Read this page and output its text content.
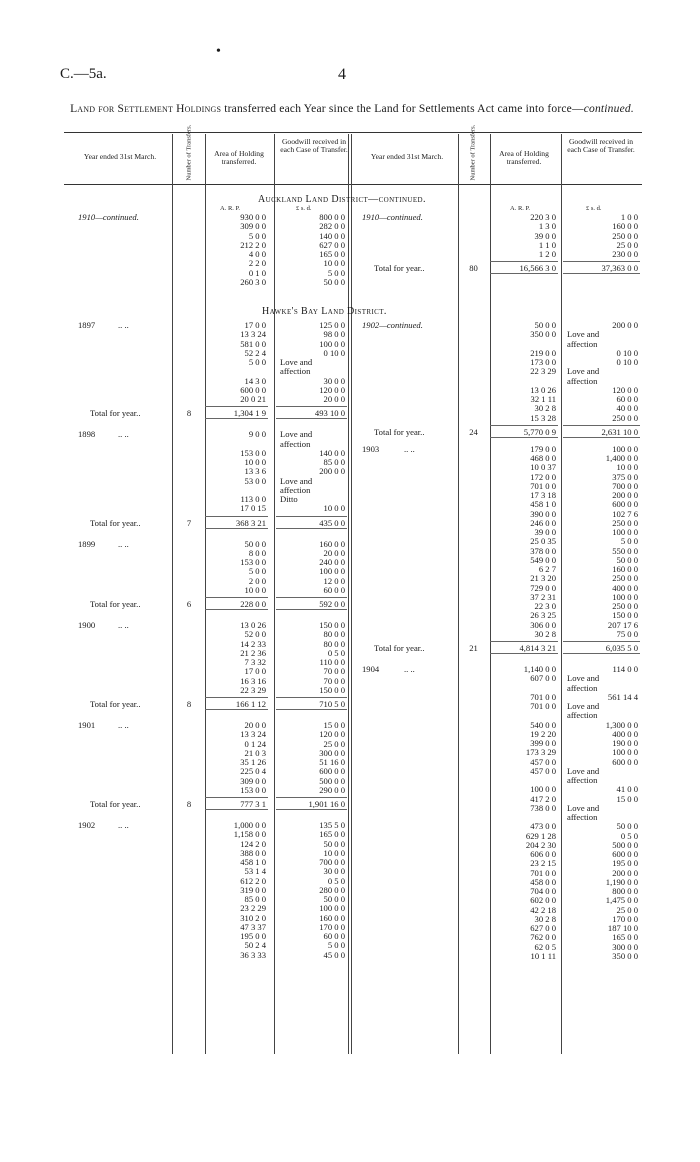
•
C.—5a.	4
Land for Settlement Holdings transferred each Year since the Land for Settlements Act came into force—continued.
Year ended 31st March.	Number of Transfers.	Area of Holding transferred.
Goodwill received in each Case of Transfer.
Year ended 31st March.	Number of Transfers.	Area of Holding transferred.
Goodwill received in each Case of Transfer.
Auckland Land District—continued.
Hawke's Bay Land District.
A. R. P.	£ s. d.	A. R. P.	£ s. d.
1910—continued.	930 0 0	800 0 0
309 0 0	282 0 0
5 0 0	140 0 0
212 2 0	627 0 0
4 0 0	165 0 0
2 2 0	10 0 0
0 1 0	5 0 0
260 3 0	50 0 0
1897	.. ..	17 0 0	125 0 0
13 3 24	98 0 0
581 0 0	100 0 0
52 2 4	0 10 0
5 0 0 Love and
affection
14 3 0	30 0 0
600 0 0	120 0 0
20 0 21	20 0 0
Total for year..	8	1,304 1 9	493 10 0
1898	.. ..	9 0 0 Love and
affection
153 0 0	140 0 0
10 0 0	85 0 0
13 3 6	200 0 0
53 0 0 Love and
affection
113 0 0 Ditto
17 0 15	10 0 0
Total for year..	7	368 3 21	435 0 0
1899	.. ..	50 0 0	160 0 0
8 0 0	20 0 0
153 0 0	240 0 0
5 0 0	100 0 0
2 0 0	12 0 0
10 0 0	60 0 0
Total for year..	6	228 0 0	592 0 0
1900	.. ..	13 0 26	150 0 0
52 0 0	80 0 0
14 2 33	80 0 0
21 2 36	0 5 0
7 3 32	110 0 0
17 0 0	70 0 0
16 3 16	70 0 0
22 3 29	150 0 0
Total for year..	8	166 1 12	710 5 0
1901	.. ..	20 0 0	15 0 0
13 3 24	120 0 0
0 1 24	25 0 0
21 0 3	300 0 0
35 1 26	51 16 0
225 0 4	600 0 0
309 0 0	500 0 0
153 0 0	290 0 0
Total for year..	8	777 3 1	1,901 16 0
1902	.. ..	1,000 0 0	135 5 0
1,158 0 0	165 0 0
124 2 0	50 0 0
388 0 0	10 0 0
458 1 0	700 0 0
53 1 4	30 0 0
612 2 0	0 5 0
319 0 0	280 0 0
85 0 0	50 0 0
23 2 29	100 0 0
310 2 0	160 0 0
47 3 37	170 0 0
195 0 0	60 0 0
50 2 4	5 0 0
36 3 33	45 0 0
1910—continued.	220 3 0	1 0 0
1 3 0	160 0 0
39 0 0	250 0 0
1 1 0	25 0 0
1 2 0	230 0 0
Total for year..	80	16,566 3 0	37,363 0 0
1902—continued.	50 0 0	200 0 0
350 0 0 Love and
affection
219 0 0	0 10 0
173 0 0	0 10 0
22 3 29 Love and
affection
13 0 26	120 0 0
32 1 11	60 0 0
30 2 8	40 0 0
15 3 28	250 0 0
Total for year..	24	5,770 0 9	2,631 10 0
1903	.. ..	179 0 0	100 0 0
468 0 0	1,400 0 0
10 0 37	10 0 0
172 0 0	375 0 0
701 0 0	700 0 0
17 3 18	200 0 0
458 1 0	600 0 0
390 0 0	102 7 6
246 0 0	250 0 0
39 0 0	100 0 0
25 0 35	5 0 0
378 0 0	550 0 0
549 0 0	50 0 0
6 2 7	160 0 0
21 3 20	250 0 0
729 0 0	400 0 0
37 2 31	100 0 0
22 3 0	250 0 0
26 3 25	150 0 0
306 0 0	207 17 6
30 2 8	75 0 0
Total for year..	21	4,814 3 21	6,035 5 0
1904	.. ..	1,140 0 0	114 0 0
607 0 0 Love and
affection
701 0 0	561 14 4
701 0 0 Love and
affection
540 0 0	1,300 0 0
19 2 20	400 0 0
399 0 0	190 0 0
173 3 29	100 0 0
457 0 0	600 0 0
457 0 0 Love and
affection
100 0 0	41 0 0
417 2 0	15 0 0
738 0 0 Love and
affection
473 0 0	50 0 0
629 1 28	0 5 0
204 2 30	500 0 0
606 0 0	600 0 0
23 2 15	195 0 0
701 0 0	200 0 0
458 0 0	1,190 0 0
704 0 0	800 0 0
602 0 0	1,475 0 0
42 2 18	25 0 0
30 2 8	170 0 0
627 0 0	187 10 0
762 0 0	165 0 0
62 0 5	300 0 0
10 1 11	350 0 0
